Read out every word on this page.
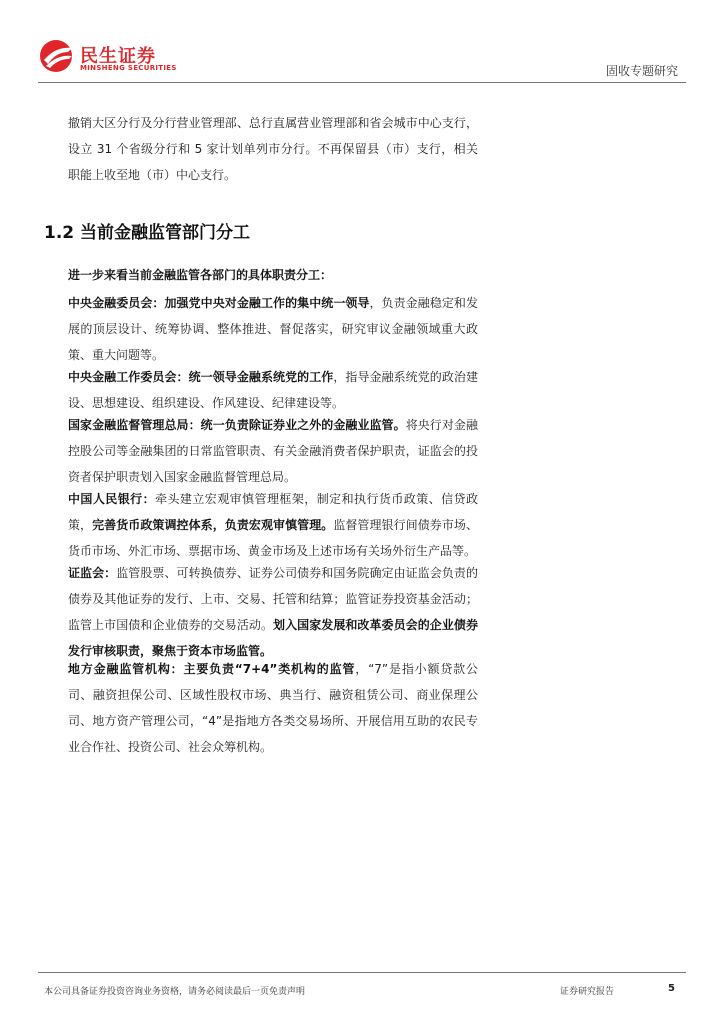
民生证券
MINSHENG SECURITIES	固收专题研究

撤销大区分行及分行营业管理部、总行直属营业管理部和省会城市中心支行，设立 31 个省级分行和 5 家计划单列市分行。不再保留县（市）支行，相关职能上收至地（市）中心支行。

1.2 当前金融监管部门分工

进一步来看当前金融监管各部门的具体职责分工：

中央金融委员会：加强党中央对金融工作的集中统一领导，负责金融稳定和发展的顶层设计、统筹协调、整体推进、督促落实，研究审议金融领域重大政策、重大问题等。

中央金融工作委员会：统一领导金融系统党的工作，指导金融系统党的政治建设、思想建设、组织建设、作风建设、纪律建设等。

国家金融监督管理总局：统一负责除证券业之外的金融业监管。将央行对金融控股公司等金融集团的日常监管职责、有关金融消费者保护职责，证监会的投资者保护职责划入国家金融监督管理总局。

中国人民银行：牵头建立宏观审慎管理框架，制定和执行货币政策、信贷政策，完善货币政策调控体系，负责宏观审慎管理。监督管理银行间债券市场、货币市场、外汇市场、票据市场、黄金市场及上述市场有关场外衍生产品等。

证监会：监管股票、可转换债券、证券公司债券和国务院确定由证监会负责的债券及其他证券的发行、上市、交易、托管和结算；监管证券投资基金活动；监管上市国债和企业债券的交易活动。划入国家发展和改革委员会的企业债券发行审核职责，聚焦于资本市场监管。

地方金融监管机构：主要负责“7+4”类机构的监管，“7”是指小额贷款公司、融资担保公司、区域性股权市场、典当行、融资租赁公司、商业保理公司、地方资产管理公司，“4”是指地方各类交易场所、开展信用互助的农民专业合作社、投资公司、社会众筹机构。

本公司具备证券投资咨询业务资格，请务必阅读最后一页免责声明	证券研究报告	5
